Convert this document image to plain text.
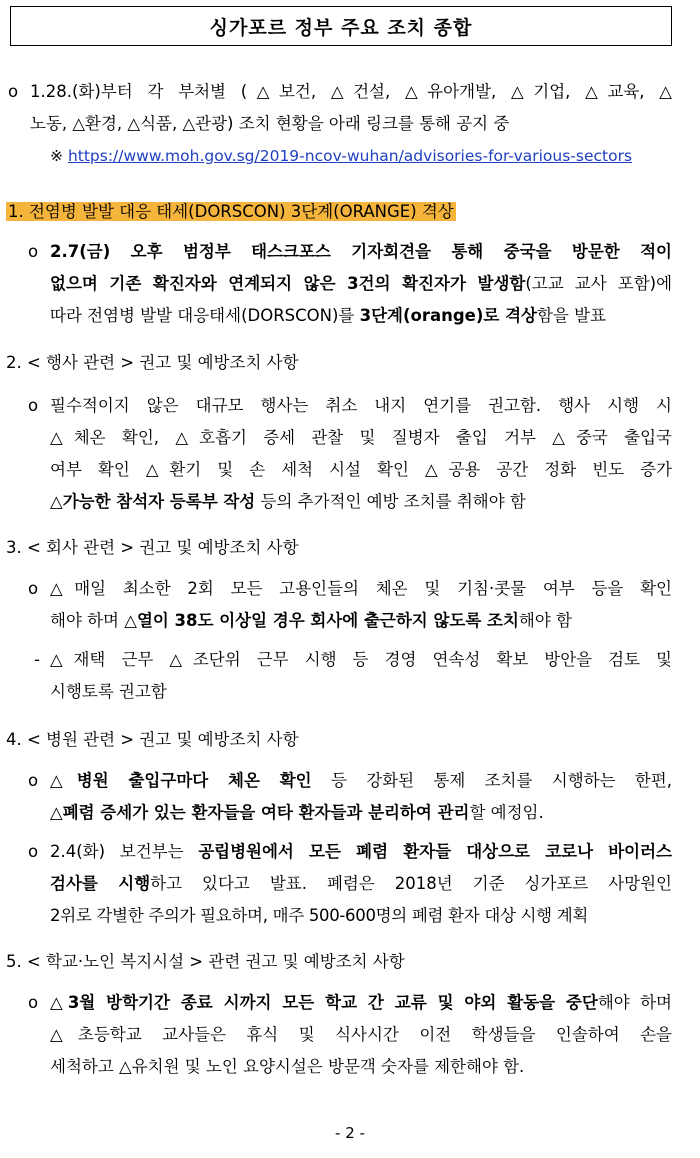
싱가포르 정부 주요 조치 종합
o 1.28.(화)부터 각 부처별 (△보건, △건설, △유아개발, △기업, △교육, △
노동, △환경, △식품, △관광) 조치 현황을 아래 링크를 통해 공지 중
※ https://www.moh.gov.sg/2019-ncov-wuhan/advisories-for-various-sectors
1. 전염병 발발 대응 태세(DORSCON) 3단계(ORANGE) 격상
o 2.7(금) 오후 범정부 태스크포스 기자회견을 통해 중국을 방문한 적이
없으며 기존 확진자와 연계되지 않은 3건의 확진자가 발생함(고교 교사 포함)에
따라 전염병 발발 대응태세(DORSCON)를 3단계(orange)로 격상함을 발표
2. < 행사 관련 > 권고 및 예방조치 사항
o 필수적이지 않은 대규모 행사는 취소 내지 연기를 권고함. 행사 시행 시
△체온 확인, △호흡기 증세 관찰 및 질병자 출입 거부 △중국 출입국
여부 확인 △환기 및 손 세척 시설 확인 △공용 공간 정화 빈도 증가
△가능한 참석자 등록부 작성 등의 추가적인 예방 조치를 취해야 함
3. < 회사 관련 > 권고 및 예방조치 사항
o △매일 최소한 2회 모든 고용인들의 체온 및 기침·콧물 여부 등을 확인
해야 하며 △열이 38도 이상일 경우 회사에 출근하지 않도록 조치해야 함
- △재택 근무 △조단위 근무 시행 등 경영 연속성 확보 방안을 검토 및
시행토록 권고함
4. < 병원 관련 > 권고 및 예방조치 사항
o △병원 출입구마다 체온 확인 등 강화된 통제 조치를 시행하는 한편,
△폐렴 증세가 있는 환자들을 여타 환자들과 분리하여 관리할 예정임.
o 2.4(화) 보건부는 공립병원에서 모든 폐렴 환자들 대상으로 코로나 바이러스
검사를 시행하고 있다고 발표. 폐렴은 2018년 기준 싱가포르 사망원인
2위로 각별한 주의가 필요하며, 매주 500-600명의 폐렴 환자 대상 시행 계획
5. < 학교·노인 복지시설 > 관련 권고 및 예방조치 사항
o △3월 방학기간 종료 시까지 모든 학교 간 교류 및 야외 활동을 중단해야 하며
△초등학교 교사들은 휴식 및 식사시간 이전 학생들을 인솔하여 손을
세척하고 △유치원 및 노인 요양시설은 방문객 숫자를 제한해야 함.
- 2 -
